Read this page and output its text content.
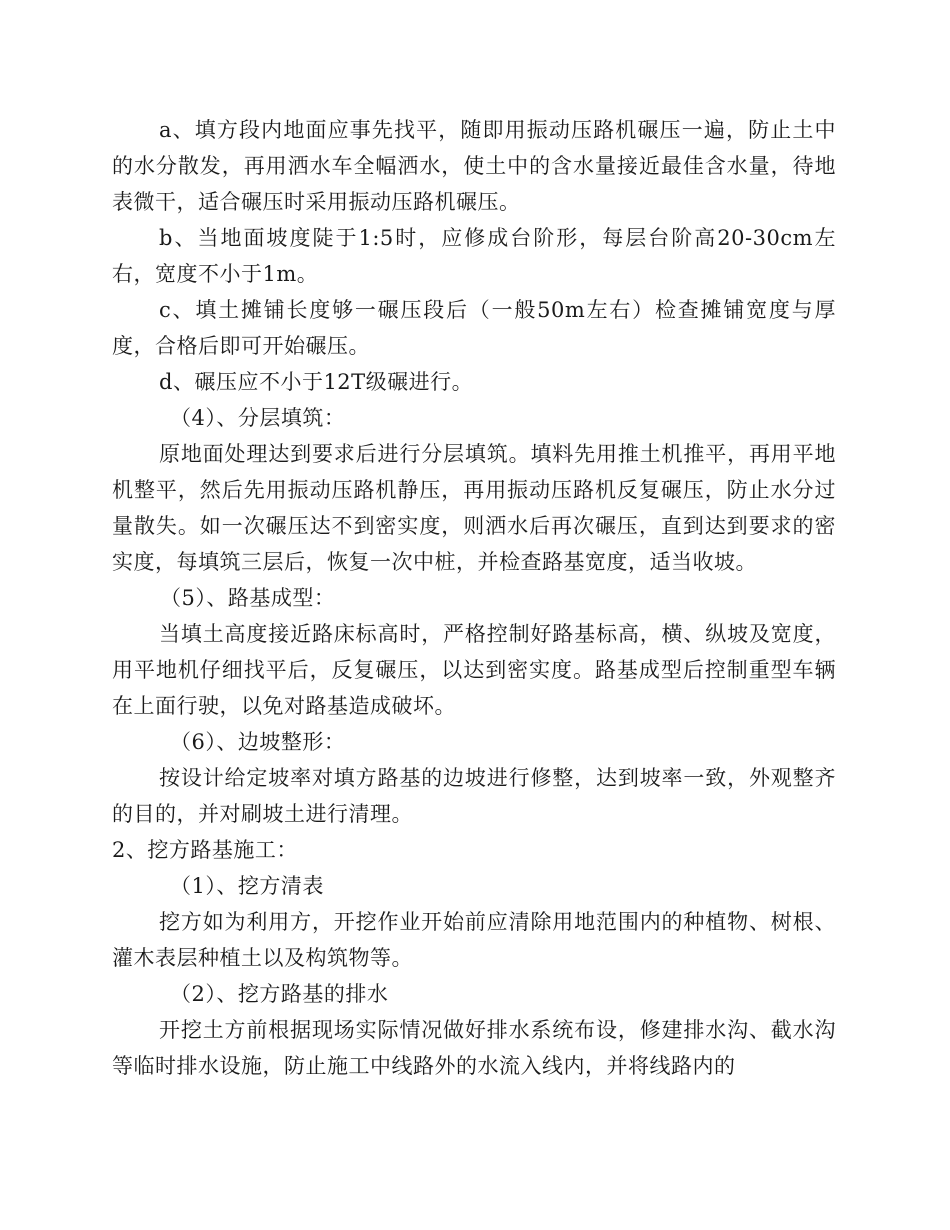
a、填方段内地面应事先找平，随即用振动压路机碾压一遍，防止土中的水分散发，再用洒水车全幅洒水，使土中的含水量接近最佳含水量，待地表微干，适合碾压时采用振动压路机碾压。

b、当地面坡度陡于1:5时，应修成台阶形，每层台阶高20-30cm左右，宽度不小于1m。

c、填土摊铺长度够一碾压段后（一般50m左右）检查摊铺宽度与厚度，合格后即可开始碾压。

d、碾压应不小于12T级碾进行。

（4）、分层填筑：

原地面处理达到要求后进行分层填筑。填料先用推土机推平，再用平地机整平，然后先用振动压路机静压，再用振动压路机反复碾压，防止水分过量散失。如一次碾压达不到密实度，则洒水后再次碾压，直到达到要求的密实度，每填筑三层后，恢复一次中桩，并检查路基宽度，适当收坡。

（5）、路基成型：

当填土高度接近路床标高时，严格控制好路基标高，横、纵坡及宽度，用平地机仔细找平后，反复碾压，以达到密实度。路基成型后控制重型车辆在上面行驶，以免对路基造成破坏。

（6）、边坡整形：

按设计给定坡率对填方路基的边坡进行修整，达到坡率一致，外观整齐的目的，并对刷坡土进行清理。

2、挖方路基施工：

（1）、挖方清表

挖方如为利用方，开挖作业开始前应清除用地范围内的种植物、树根、灌木表层种植土以及构筑物等。

（2）、挖方路基的排水

开挖土方前根据现场实际情况做好排水系统布设，修建排水沟、截水沟等临时排水设施，防止施工中线路外的水流入线内，并将线路内的
